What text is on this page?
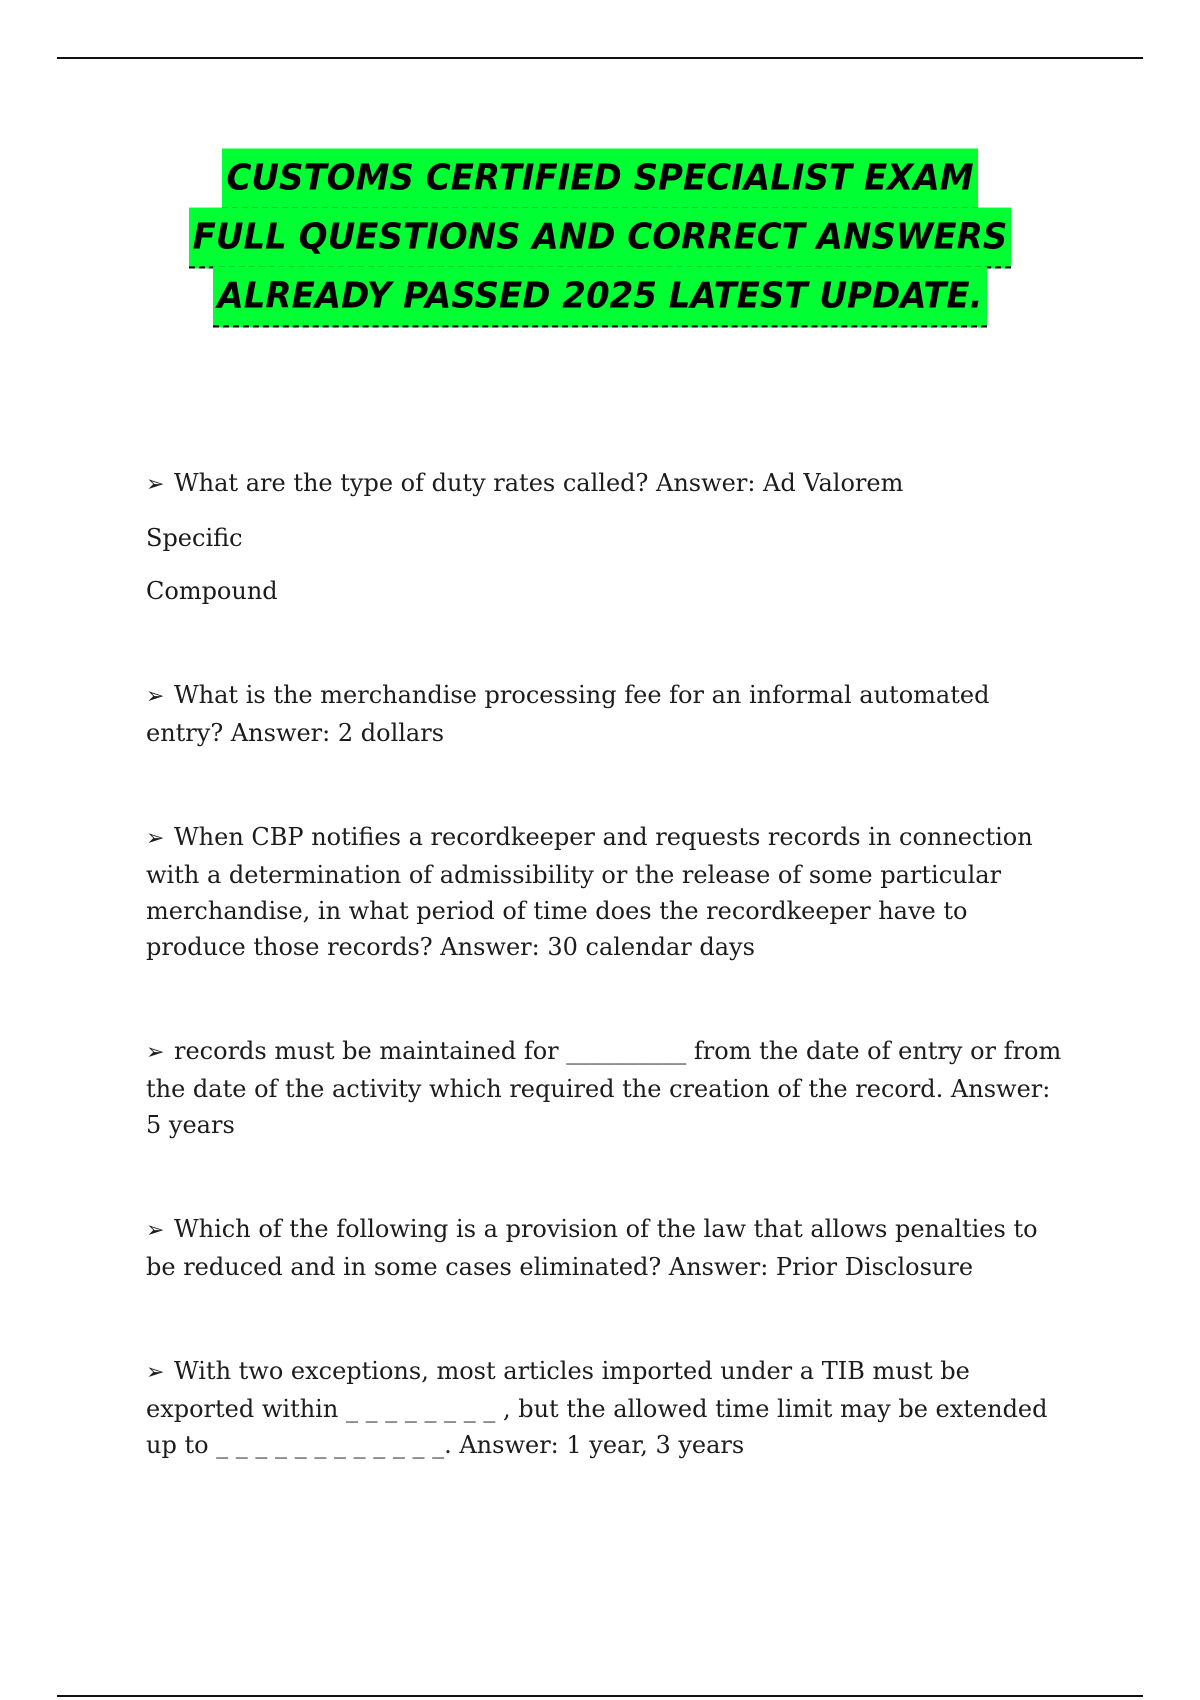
CUSTOMS CERTIFIED SPECIALIST EXAM
FULL QUESTIONS AND CORRECT ANSWERS
ALREADY PASSED 2025 LATEST UPDATE.
➢ What are the type of duty rates called? Answer: Ad Valorem
Specific
Compound
➢ What is the merchandise processing fee for an informal automated entry? Answer: 2 dollars
➢ When CBP notifies a recordkeeper and requests records in connection with a determination of admissibility or the release of some particular merchandise, in what period of time does the recordkeeper have to produce those records? Answer: 30 calendar days
➢ records must be maintained for __________ from the date of entry or from the date of the activity which required the creation of the record. Answer: 5 years
➢ Which of the following is a provision of the law that allows penalties to be reduced and in some cases eliminated? Answer: Prior Disclosure
➢ With two exceptions, most articles imported under a TIB must be exported within _ _ _ _ _ _ _ _ , but the allowed time limit may be extended up to _ _ _ _ _ _ _ _ _ _ _ _. Answer: 1 year, 3 years
